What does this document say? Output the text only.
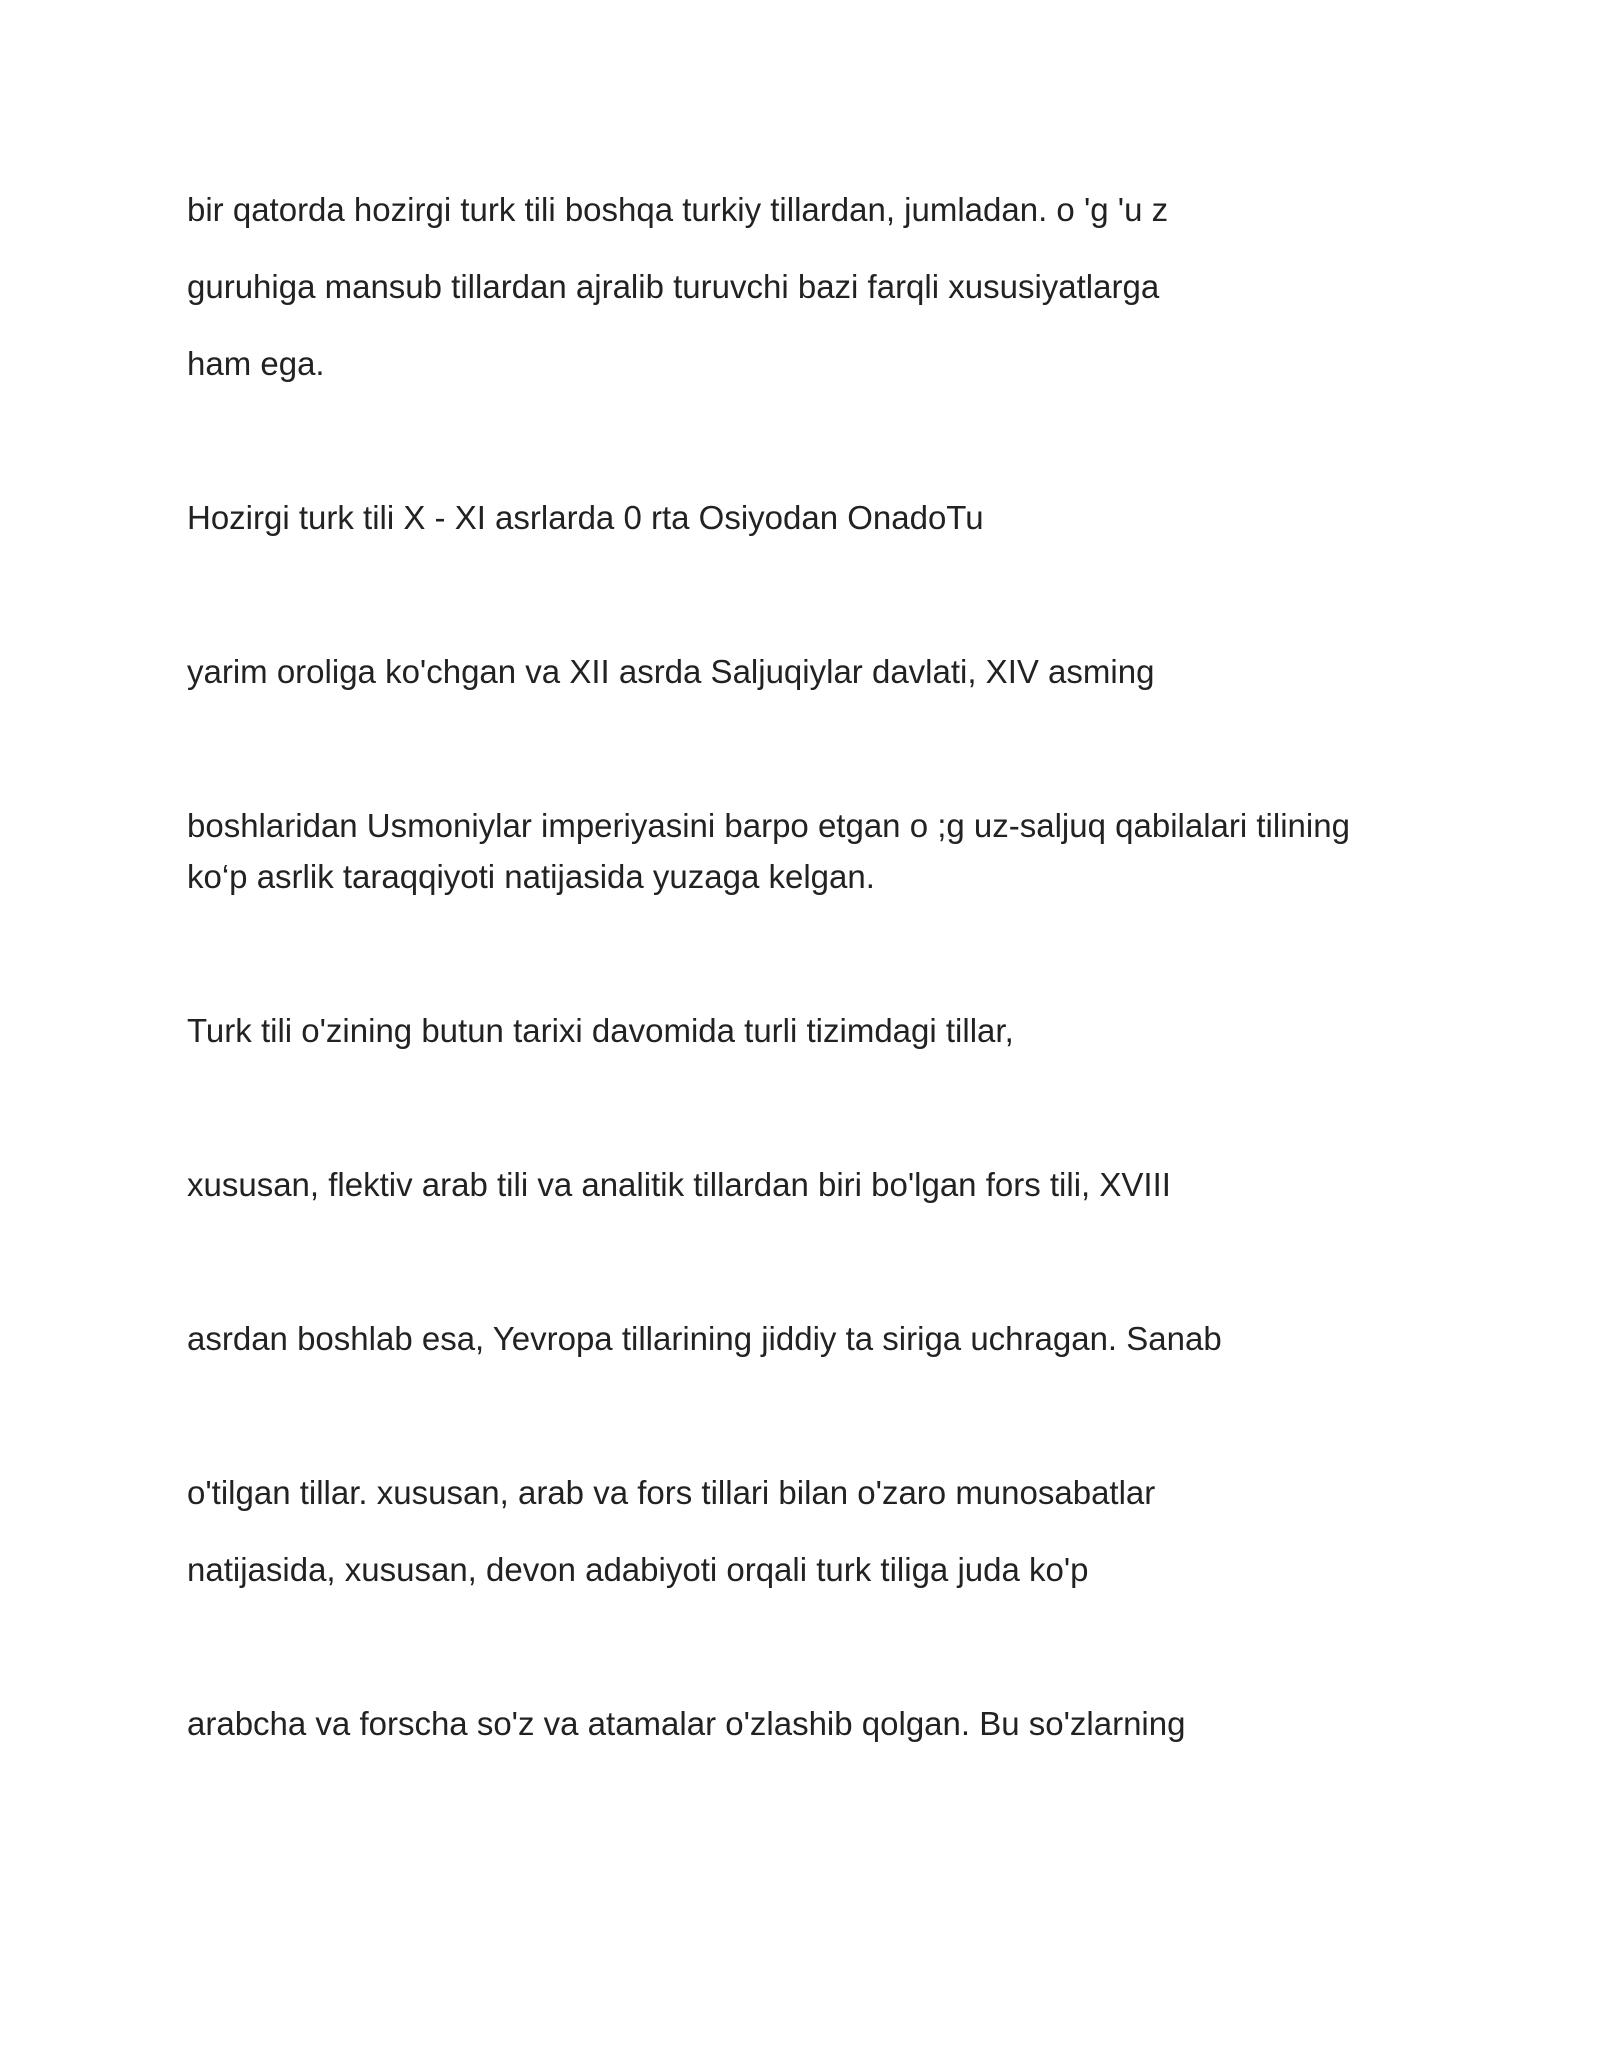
bir qatorda hozirgi turk tili boshqa turkiy tillardan, jumladan. o 'g 'u z
guruhiga mansub tillardan ajralib turuvchi bazi farqli xususiyatlarga
ham ega.
Hozirgi turk tili X - XI asrlarda 0 rta Osiyodan OnadoTu
yarim oroliga ko'chgan va XII asrda Saljuqiylar davlati, XIV asming
boshlaridan Usmoniylar imperiyasini barpo etgan o ;g uz-saljuq qabilalari tilining
ko‘p asrlik taraqqiyoti natijasida yuzaga kelgan.
Turk tili o'zining butun tarixi davomida turli tizimdagi tillar,
xususan, flektiv arab tili va analitik tillardan biri bo'lgan fors tili, XVIII
asrdan boshlab esa, Yevropa tillarining jiddiy ta siriga uchragan. Sanab
o'tilgan tillar. xususan, arab va fors tillari bilan o'zaro munosabatlar
natijasida, xususan, devon adabiyoti orqali turk tiliga juda ko'p
arabcha va forscha so'z va atamalar o'zlashib qolgan. Bu so'zlarning
